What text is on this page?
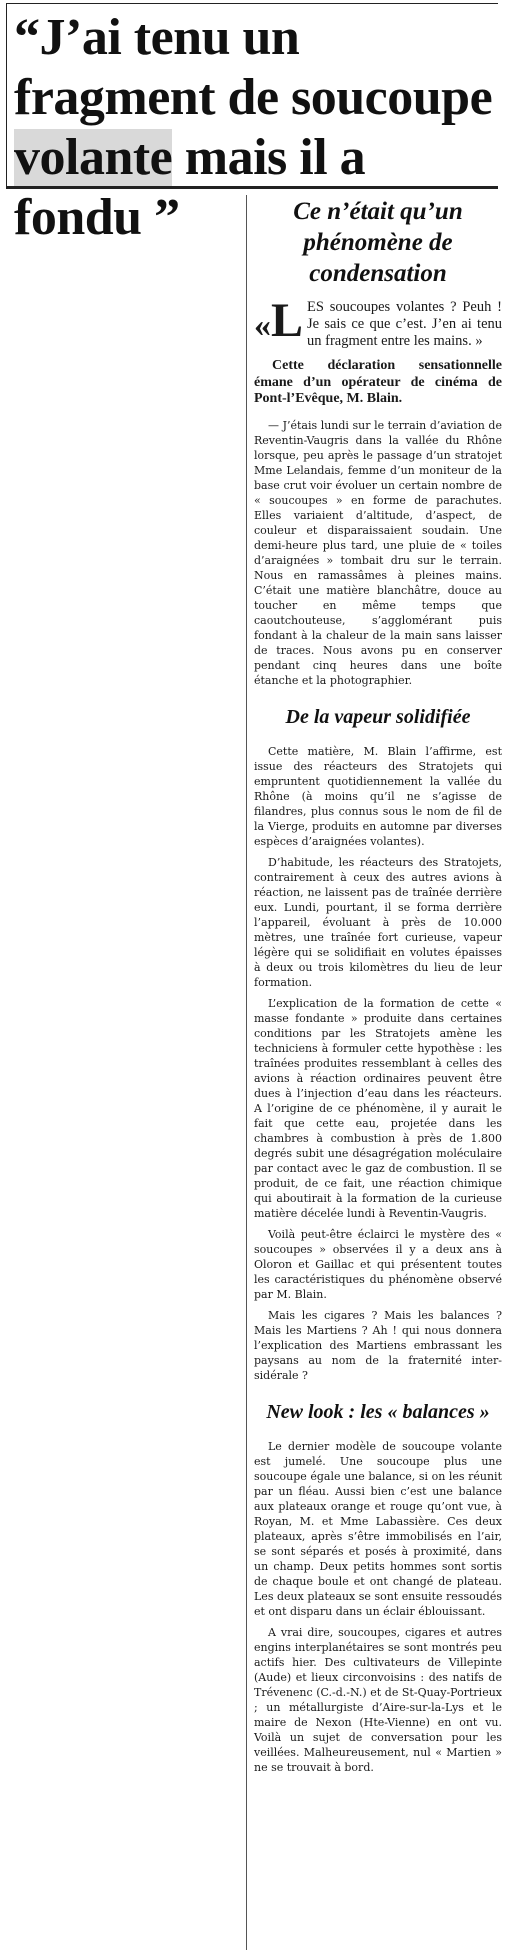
“J’ai tenu un fragment de soucoupe volante mais il a fondu ”	Ce n’était qu’un phénomène de condensation

« L ES soucoupes volantes ? Peuh ! Je sais ce que c’est. J’en ai tenu un fragment entre les mains. »

Cette déclaration sensationnelle émane d’un opérateur de cinéma de Pont-l’Evêque, M. Blain.

— J’étais lundi sur le terrain d’aviation de Reventin-Vaugris dans la vallée du Rhône lorsque, peu après le passage d’un stratojet Mme Lelandais, femme d’un moniteur de la base crut voir évoluer un certain nombre de « soucoupes » en forme de parachutes. Elles variaient d’altitude, d’aspect, de couleur et disparaissaient soudain. Une demi-heure plus tard, une pluie de « toiles d’araignées » tombait dru sur le terrain. Nous en ramassâmes à pleines mains. C’était une matière blanchâtre, douce au toucher en même temps que caoutchouteuse, s’agglomérant puis fondant à la chaleur de la main sans laisser de traces. Nous avons pu en conserver pendant cinq heures dans une boîte étanche et la photographier.

De la vapeur solidifiée

Cette matière, M. Blain l’affirme, est issue des réacteurs des Stratojets qui empruntent quotidiennement la vallée du Rhône (à moins qu’il ne s’agisse de filandres, plus connus sous le nom de fil de la Vierge, produits en automne par diverses espèces d’araignées volantes).

D’habitude, les réacteurs des Stratojets, contrairement à ceux des autres avions à réaction, ne laissent pas de traînée derrière eux. Lundi, pourtant, il se forma derrière l’appareil, évoluant à près de 10.000 mètres, une traînée fort curieuse, vapeur légère qui se solidifiait en volutes épaisses à deux ou trois kilomètres du lieu de leur formation.

L’explication de la formation de cette « masse fondante » produite dans certaines conditions par les Stratojets amène les techniciens à formuler cette hypothèse : les traînées produites ressemblant à celles des avions à réaction ordinaires peuvent être dues à l’injection d’eau dans les réacteurs. A l’origine de ce phénomène, il y aurait le fait que cette eau, projetée dans les chambres à combustion à près de 1.800 degrés subit une désagrégation moléculaire par contact avec le gaz de combustion. Il se produit, de ce fait, une réaction chimique qui aboutirait à la formation de la curieuse matière décelée lundi à Reventin-Vaugris.

Voilà peut-être éclairci le mystère des « soucoupes » observées il y a deux ans à Oloron et Gaillac et qui présentent toutes les caractéristiques du phénomène observé par M. Blain.

Mais les cigares ? Mais les balances ? Mais les Martiens ? Ah ! qui nous donnera l’explication des Martiens embrassant les paysans au nom de la fraternité inter-sidérale ?

New look : les « balances »

Le dernier modèle de soucoupe volante est jumelé. Une soucoupe plus une soucoupe égale une balance, si on les réunit par un fléau. Aussi bien c’est une balance aux plateaux orange et rouge qu’ont vue, à Royan, M. et Mme Labassière. Ces deux plateaux, après s’être immobilisés en l’air, se sont séparés et posés à proximité, dans un champ. Deux petits hommes sont sortis de chaque boule et ont changé de plateau. Les deux plateaux se sont ensuite ressoudés et ont disparu dans un éclair éblouissant.

A vrai dire, soucoupes, cigares et autres engins interplanétaires se sont montrés peu actifs hier. Des cultivateurs de Villepinte (Aude) et lieux circonvoisins : des natifs de Trévenenc (C.-d.-N.) et de St-Quay-Portrieux ; un métallurgiste d’Aire-sur-la-Lys et le maire de Nexon (Hte-Vienne) en ont vu. Voilà un sujet de conversation pour les veillées. Malheureusement, nul « Martien » ne se trouvait à bord.
